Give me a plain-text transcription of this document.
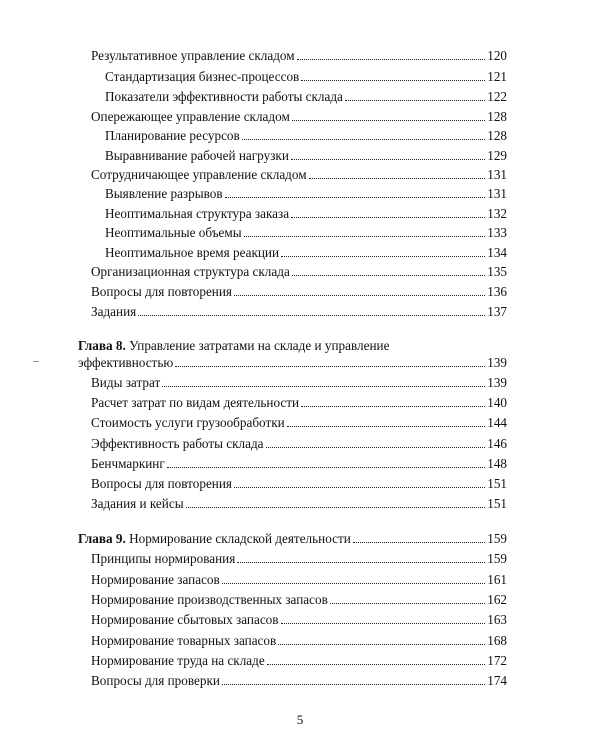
Результативное управление складом	120
Стандартизация бизнес-процессов	121
Показатели эффективности работы склада	122
Опережающее управление складом	128
Планирование ресурсов	128
Выравнивание рабочей нагрузки	129
Сотрудничающее управление складом	131
Выявление разрывов	131
Неоптимальная структура заказа	132
Неоптимальные объемы	133
Неоптимальное время реакции	134
Организационная структура склада	135
Вопросы для повторения	136
Задания	137
Глава 8. Управление затратами на складе и управление
эффективностью	139
Виды затрат	139
Расчет затрат по видам деятельности	140
Стоимость услуги грузообработки	144
Эффективность работы склада	146
Бенчмаркинг	148
Вопросы для повторения	151
Задания и кейсы	151
Глава 9. Нормирование складской деятельности	159
Принципы нормирования	159
Нормирование запасов	161
Нормирование производственных запасов	162
Нормирование сбытовых запасов	163
Нормирование товарных запасов	168
Нормирование труда на складе	172
Вопросы для проверки	174
5
